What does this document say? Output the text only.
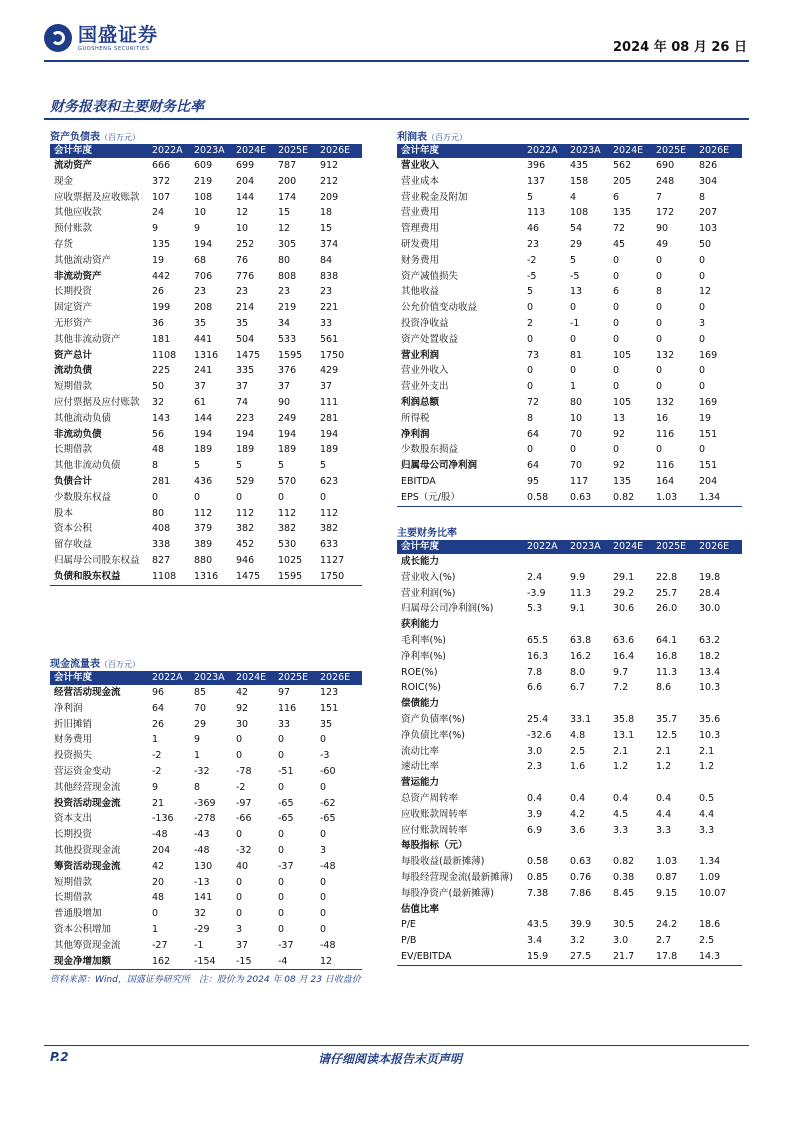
国盛证券
GUOSHENG SECURITIES	2024 年 08 月 26 日
财务报表和主要财务比率
资产负债表（百万元）
会计年度	2022A	2023A	2024E	2025E	2026E
流动资产	666	609	699	787	912
现金	372	219	204	200	212
应收票据及应收账款	107	108	144	174	209
其他应收款	24	10	12	15	18
预付账款	9	9	10	12	15
存货	135	194	252	305	374
其他流动资产	19	68	76	80	84
非流动资产	442	706	776	808	838
长期投资	26	23	23	23	23
固定资产	199	208	214	219	221
无形资产	36	35	35	34	33
其他非流动资产	181	441	504	533	561
资产总计	1108	1316	1475	1595	1750
流动负债	225	241	335	376	429
短期借款	50	37	37	37	37
应付票据及应付账款	32	61	74	90	111
其他流动负债	143	144	223	249	281
非流动负债	56	194	194	194	194
长期借款	48	189	189	189	189
其他非流动负债	8	5	5	5	5
负债合计	281	436	529	570	623
少数股东权益	0	0	0	0	0
股本	80	112	112	112	112
资本公积	408	379	382	382	382
留存收益	338	389	452	530	633
归属母公司股东权益	827	880	946	1025	1127
负债和股东权益	1108	1316	1475	1595	1750
利润表（百万元）
会计年度	2022A	2023A	2024E	2025E	2026E
营业收入	396	435	562	690	826
营业成本	137	158	205	248	304
营业税金及附加	5	4	6	7	8
营业费用	113	108	135	172	207
管理费用	46	54	72	90	103
研发费用	23	29	45	49	50
财务费用	-2	5	0	0	0
资产减值损失	-5	-5	0	0	0
其他收益	5	13	6	8	12
公允价值变动收益	0	0	0	0	0
投资净收益	2	-1	0	0	3
资产处置收益	0	0	0	0	0
营业利润	73	81	105	132	169
营业外收入	0	0	0	0	0
营业外支出	0	1	0	0	0
利润总额	72	80	105	132	169
所得税	8	10	13	16	19
净利润	64	70	92	116	151
少数股东损益	0	0	0	0	0
归属母公司净利润	64	70	92	116	151
EBITDA	95	117	135	164	204
EPS（元/股）	0.58	0.63	0.82	1.03	1.34
主要财务比率
会计年度	2022A	2023A	2024E	2025E	2026E
成长能力					
营业收入(%)	2.4	9.9	29.1	22.8	19.8
营业利润(%)	-3.9	11.3	29.2	25.7	28.4
归属母公司净利润(%)	5.3	9.1	30.6	26.0	30.0
获利能力					
毛利率(%)	65.5	63.8	63.6	64.1	63.2
净利率(%)	16.3	16.2	16.4	16.8	18.2
ROE(%)	7.8	8.0	9.7	11.3	13.4
ROIC(%)	6.6	6.7	7.2	8.6	10.3
偿债能力					
资产负债率(%)	25.4	33.1	35.8	35.7	35.6
净负债比率(%)	-32.6	4.8	13.1	12.5	10.3
流动比率	3.0	2.5	2.1	2.1	2.1
速动比率	2.3	1.6	1.2	1.2	1.2
营运能力					
总资产周转率	0.4	0.4	0.4	0.4	0.5
应收账款周转率	3.9	4.2	4.5	4.4	4.4
应付账款周转率	6.9	3.6	3.3	3.3	3.3
每股指标（元）					
每股收益(最新摊薄)	0.58	0.63	0.82	1.03	1.34
每股经营现金流(最新摊薄)	0.85	0.76	0.38	0.87	1.09
每股净资产(最新摊薄)	7.38	7.86	8.45	9.15	10.07
估值比率					
P/E	43.5	39.9	30.5	24.2	18.6
P/B	3.4	3.2	3.0	2.7	2.5
EV/EBITDA	15.9	27.5	21.7	17.8	14.3
现金流量表（百万元）
会计年度	2022A	2023A	2024E	2025E	2026E
经营活动现金流	96	85	42	97	123
净利润	64	70	92	116	151
折旧摊销	26	29	30	33	35
财务费用	1	9	0	0	0
投资损失	-2	1	0	0	-3
营运资金变动	-2	-32	-78	-51	-60
其他经营现金流	9	8	-2	0	0
投资活动现金流	21	-369	-97	-65	-62
资本支出	-136	-278	-66	-65	-65
长期投资	-48	-43	0	0	0
其他投资现金流	204	-48	-32	0	3
筹资活动现金流	42	130	40	-37	-48
短期借款	20	-13	0	0	0
长期借款	48	141	0	0	0
普通股增加	0	32	0	0	0
资本公积增加	1	-29	3	0	0
其他筹资现金流	-27	-1	37	-37	-48
现金净增加额	162	-154	-15	-4	12
资料来源：Wind，国盛证券研究所　注：股价为 2024 年 08 月 23 日收盘价
P.2	请仔细阅读本报告末页声明
